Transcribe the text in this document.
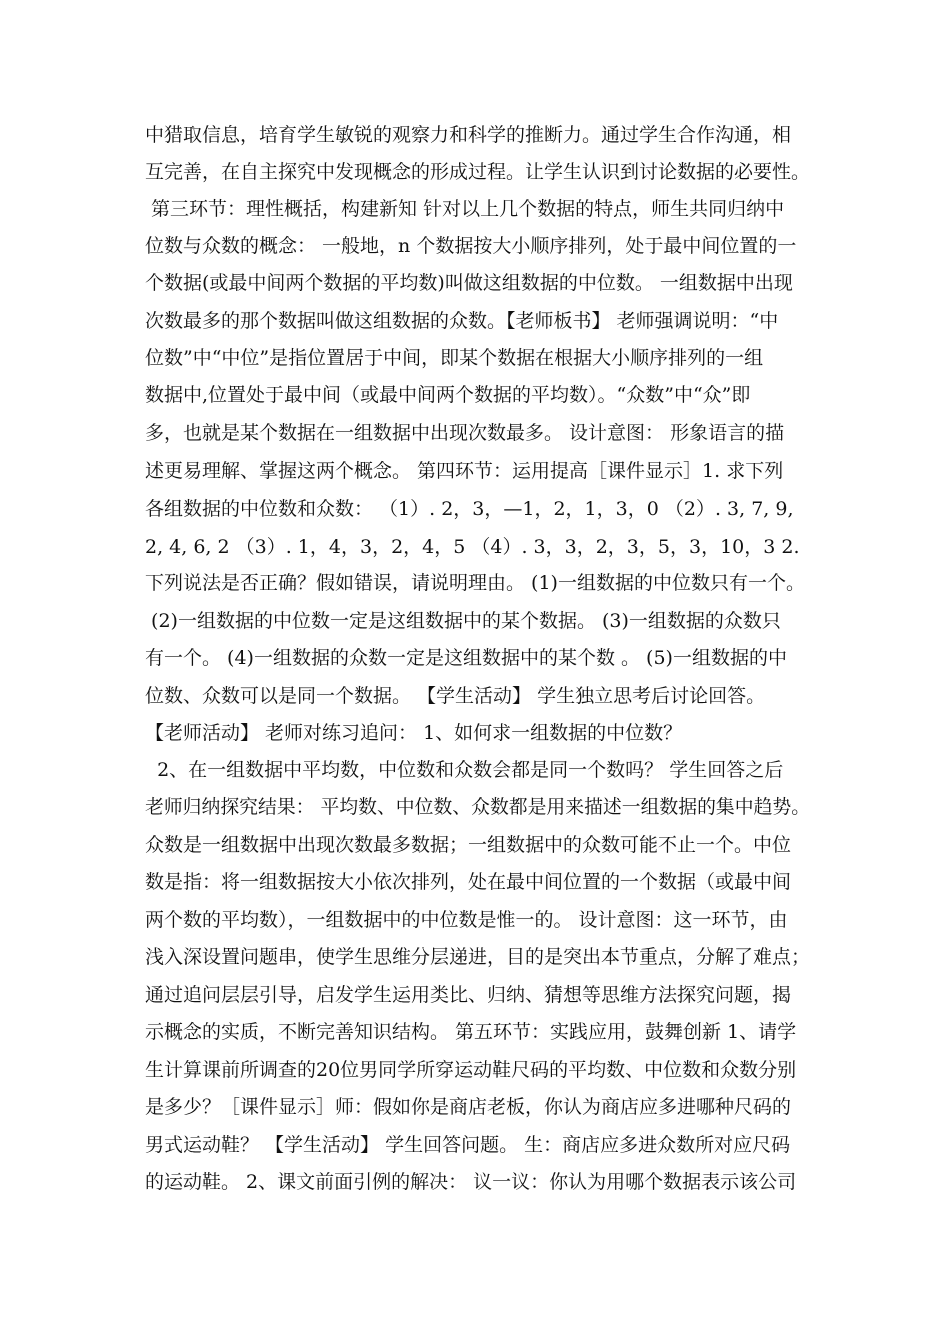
中猎取信息，培育学生敏锐的观察力和科学的推断力。通过学生合作沟通，相
互完善，在自主探究中发现概念的形成过程。让学生认识到讨论数据的必要性。
第三环节：理性概括，构建新知 针对以上几个数据的特点，师生共同归纳中
位数与众数的概念： 一般地，n 个数据按大小顺序排列，处于最中间位置的一
个数据(或最中间两个数据的平均数)叫做这组数据的中位数。 一组数据中出现
次数最多的那个数据叫做这组数据的众数。【老师板书】 老师强调说明：“中
位数”中“中位”是指位置居于中间，即某个数据在根据大小顺序排列的一组
数据中,位置处于最中间（或最中间两个数据的平均数）。“众数”中“众”即
多，也就是某个数据在一组数据中出现次数最多。 设计意图： 形象语言的描
述更易理解、掌握这两个概念。 第四环节：运用提高［课件显示］1. 求下列
各组数据的中位数和众数： （1）. 2，3，—1，2，1，3，0 （2）. 3, 7, 9,
2, 4, 6, 2 （3）. 1，4，3，2，4，5 （4）. 3，3，2，3，5，3，10，3 2.
下列说法是否正确？假如错误，请说明理由。 (1)一组数据的中位数只有一个。
(2)一组数据的中位数一定是这组数据中的某个数据。 (3)一组数据的众数只
有一个。 (4)一组数据的众数一定是这组数据中的某个数 。 (5)一组数据的中
位数、众数可以是同一个数据。 【学生活动】 学生独立思考后讨论回答。
【老师活动】 老师对练习追问： 1、如何求一组数据的中位数？
2、在一组数据中平均数，中位数和众数会都是同一个数吗？ 学生回答之后
老师归纳探究结果： 平均数、中位数、众数都是用来描述一组数据的集中趋势。
众数是一组数据中出现次数最多数据；一组数据中的众数可能不止一个。中位
数是指：将一组数据按大小依次排列，处在最中间位置的一个数据（或最中间
两个数的平均数），一组数据中的中位数是惟一的。 设计意图：这一环节，由
浅入深设置问题串，使学生思维分层递进，目的是突出本节重点，分解了难点；
通过追问层层引导，启发学生运用类比、归纳、猜想等思维方法探究问题，揭
示概念的实质，不断完善知识结构。 第五环节：实践应用，鼓舞创新 1、请学
生计算课前所调查的20位男同学所穿运动鞋尺码的平均数、中位数和众数分别
是多少？［课件显示］师：假如你是商店老板，你认为商店应多进哪种尺码的
男式运动鞋？ 【学生活动】 学生回答问题。 生：商店应多进众数所对应尺码
的运动鞋。 2、课文前面引例的解决： 议一议：你认为用哪个数据表示该公司
